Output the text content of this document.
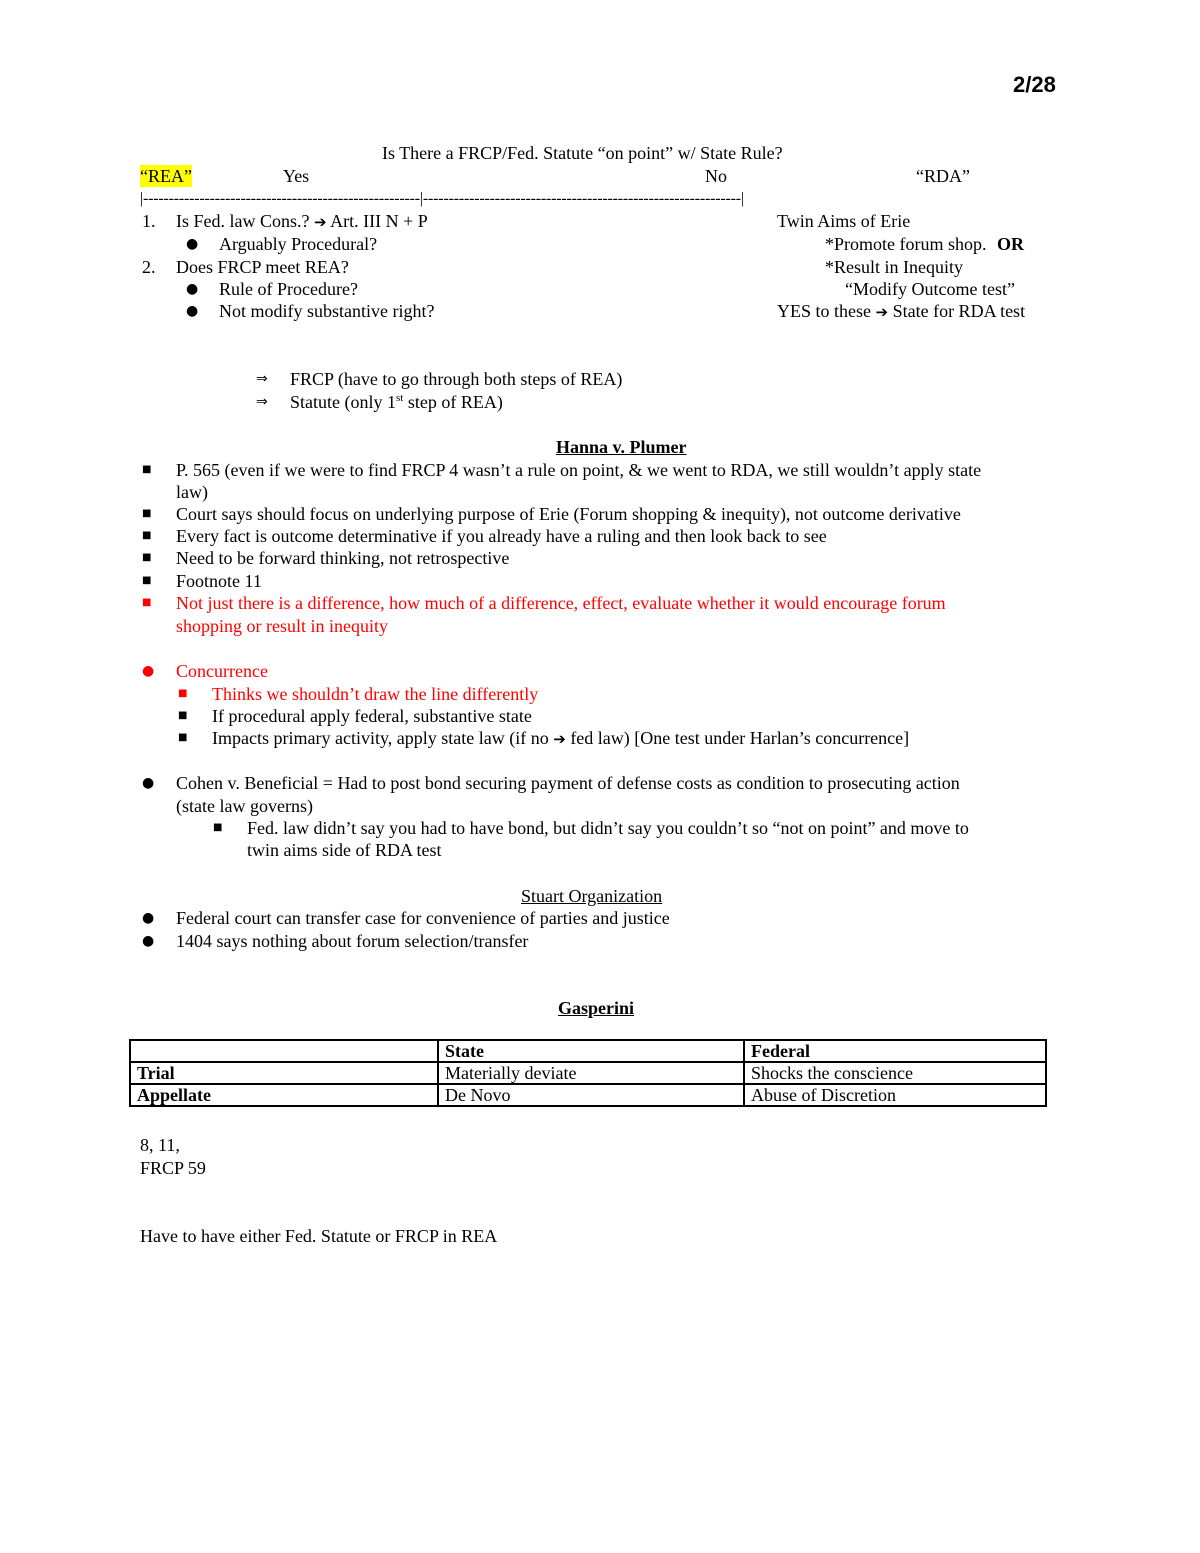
2/28
Is There a FRCP/Fed. Statute “on point” w/ State Rule?
“REA”	Yes	No	“RDA”
|------------------------------------------------------|--------------------------------------------------------------|
1. Is Fed. law Cons.? ➔ Art. III N + P
● Arguably Procedural?
2. Does FRCP meet REA?
● Rule of Procedure?
● Not modify substantive right?
Twin Aims of Erie
*Promote forum shop. OR
*Result in Inequity
“Modify Outcome test”
YES to these ➔ State for RDA test
⇒ FRCP (have to go through both steps of REA)
⇒ Statute (only 1st step of REA)
Hanna v. Plumer
■ P. 565 (even if we were to find FRCP 4 wasn’t a rule on point, & we went to RDA, we still wouldn’t apply state
law)
■ Court says should focus on underlying purpose of Erie (Forum shopping & inequity), not outcome derivative
■ Every fact is outcome determinative if you already have a ruling and then look back to see
■ Need to be forward thinking, not retrospective
■ Footnote 11
■ Not just there is a difference, how much of a difference, effect, evaluate whether it would encourage forum
shopping or result in inequity
● Concurrence
■ Thinks we shouldn’t draw the line differently
■ If procedural apply federal, substantive state
■ Impacts primary activity, apply state law (if no ➔ fed law) [One test under Harlan’s concurrence]
● Cohen v. Beneficial = Had to post bond securing payment of defense costs as condition to prosecuting action
(state law governs)
■ Fed. law didn’t say you had to have bond, but didn’t say you couldn’t so “not on point” and move to
twin aims side of RDA test
Stuart Organization
● Federal court can transfer case for convenience of parties and justice
● 1404 says nothing about forum selection/transfer
Gasperini
	State	Federal
Trial	Materially deviate	Shocks the conscience
Appellate	De Novo	Abuse of Discretion
8, 11,
FRCP 59
Have to have either Fed. Statute or FRCP in REA
